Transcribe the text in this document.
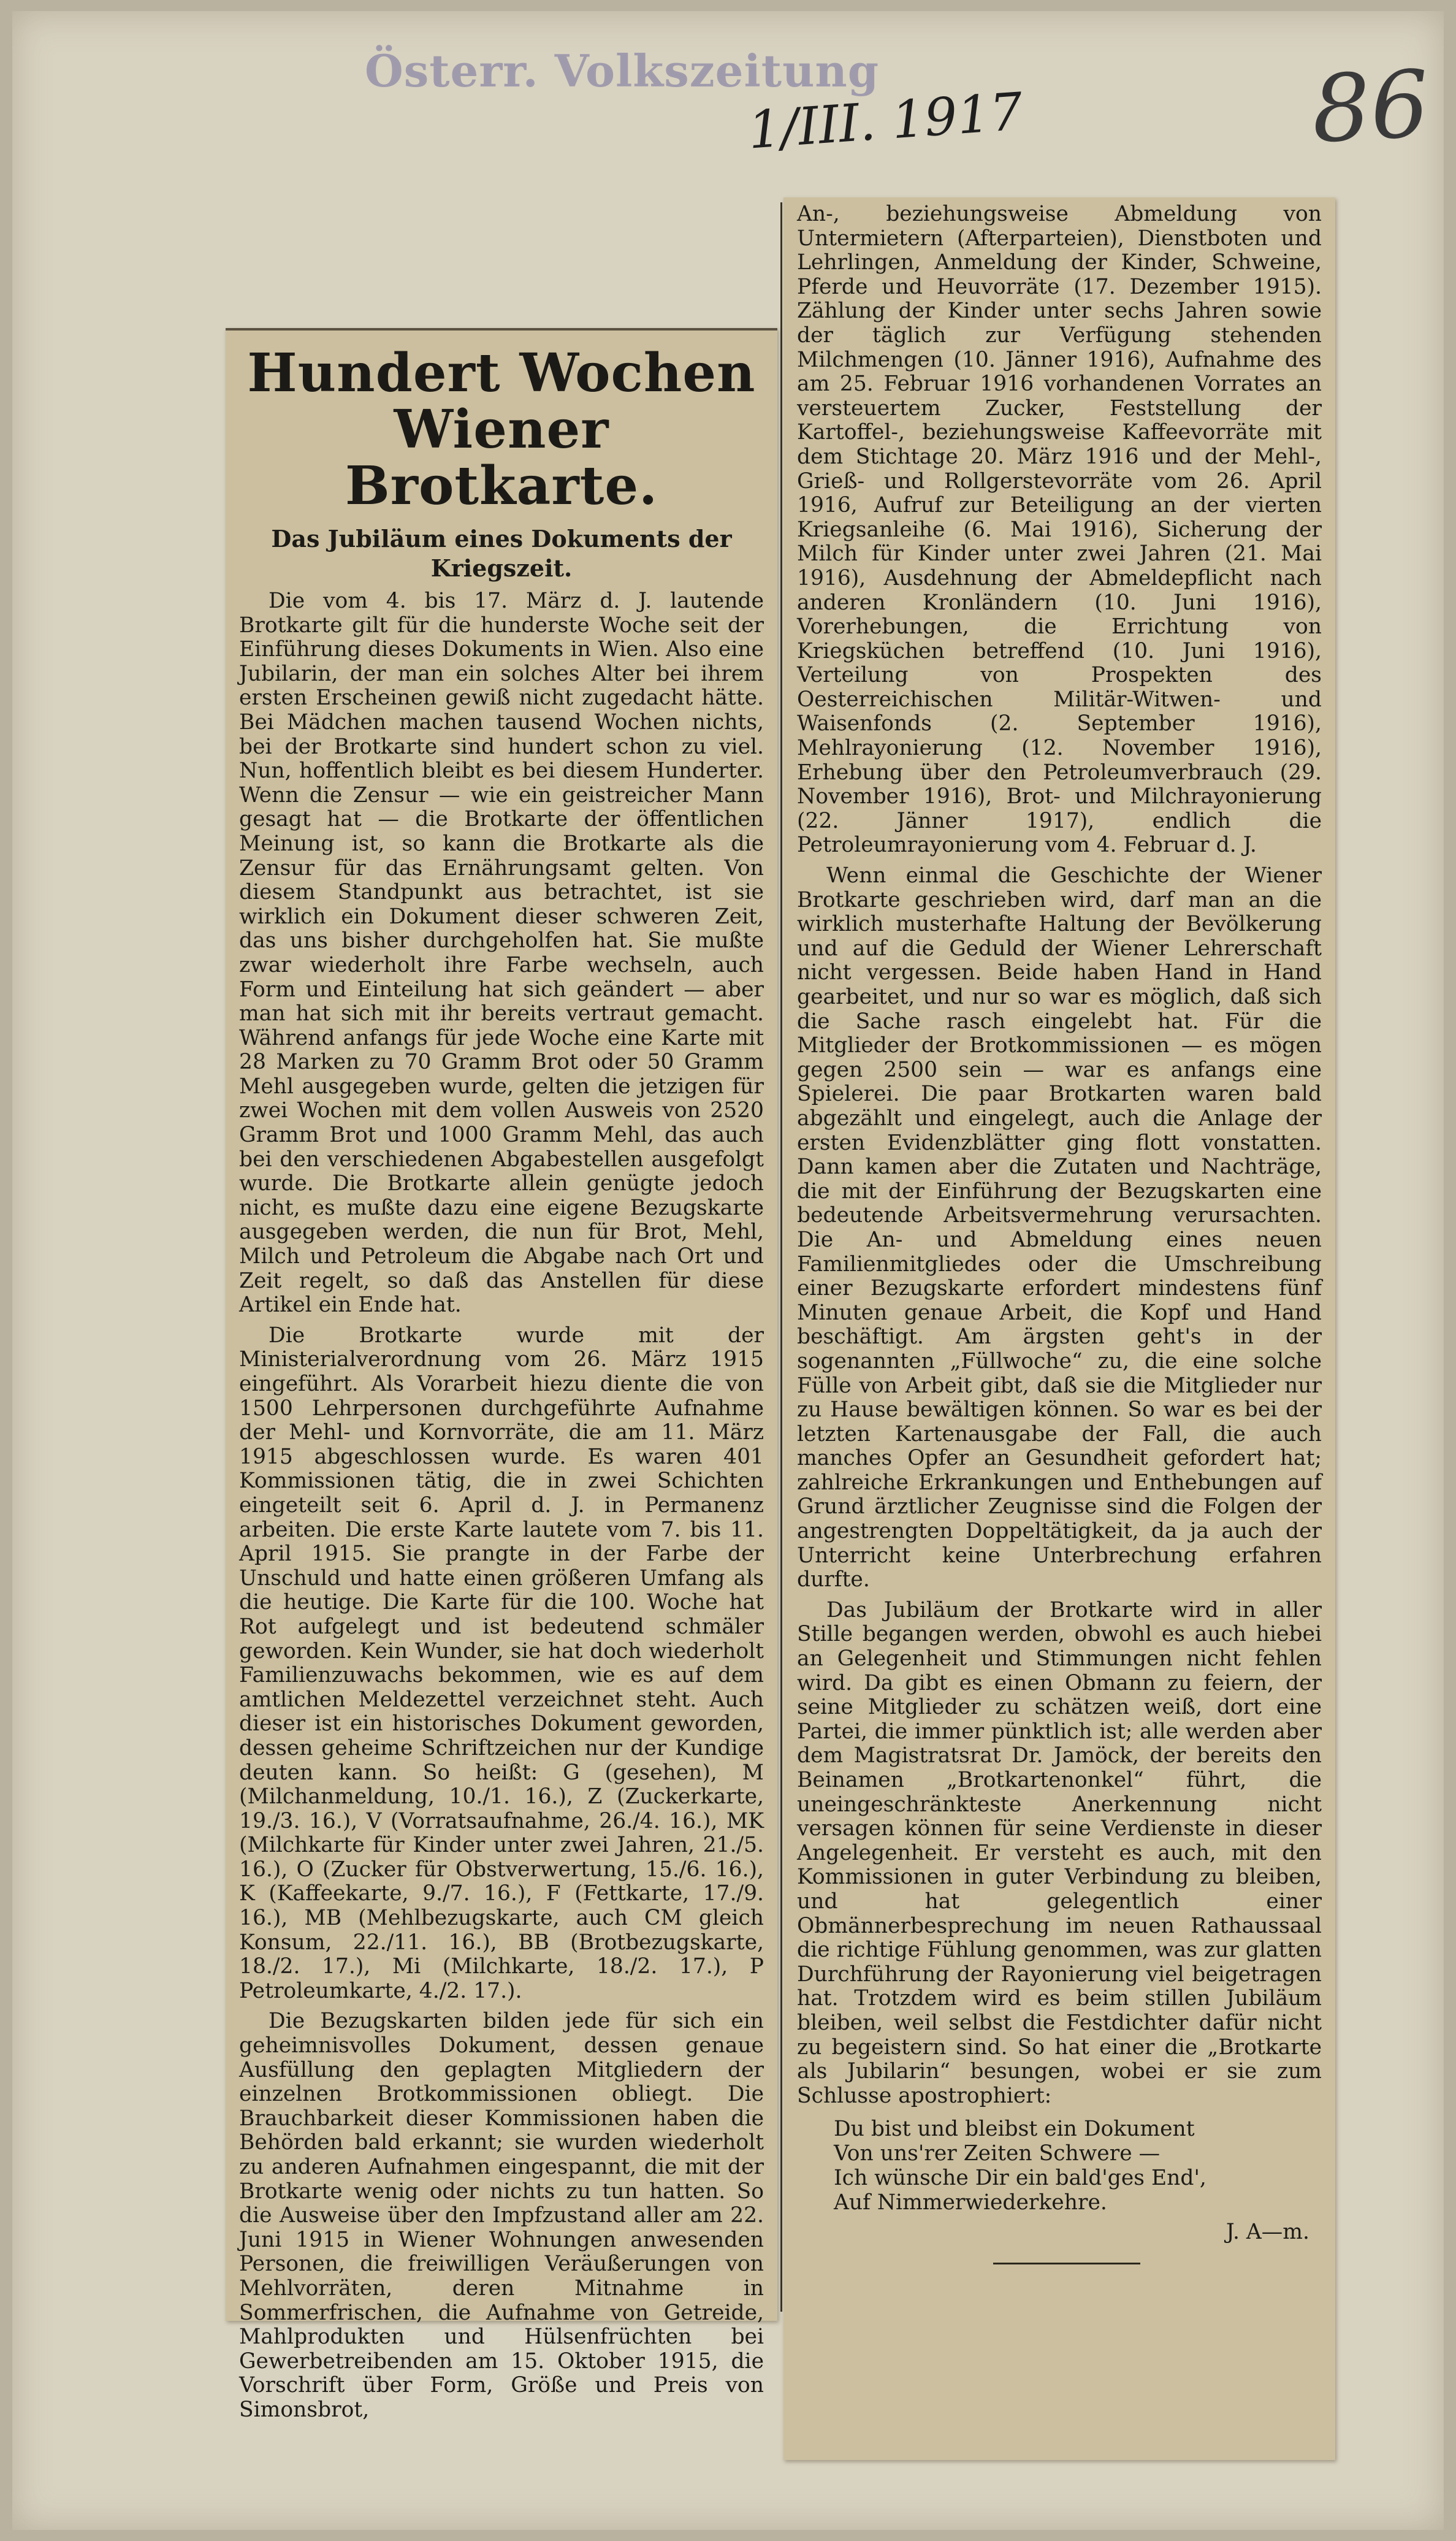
Österr. Volkszeitung
1/III. 1917	86
Hundert Wochen Wiener Brotkarte.
Das Jubiläum eines Dokuments der Kriegszeit.

Die vom 4. bis 17. März d. J. lautende Brotkarte gilt für die hunderste Woche seit der Einführung dieses Dokuments in Wien. Also eine Jubilarin, der man ein solches Alter bei ihrem ersten Erscheinen gewiß nicht zugedacht hätte. Bei Mädchen machen tausend Wochen nichts, bei der Brotkarte sind hundert schon zu viel. Nun, hoffentlich bleibt es bei diesem Hunderter. Wenn die Zensur — wie ein geistreicher Mann gesagt hat — die Brotkarte der öffentlichen Meinung ist, so kann die Brotkarte als die Zensur für das Ernährungsamt gelten. Von diesem Standpunkt aus betrachtet, ist sie wirklich ein Dokument dieser schweren Zeit, das uns bisher durchgeholfen hat. Sie mußte zwar wiederholt ihre Farbe wechseln, auch Form und Einteilung hat sich geändert — aber man hat sich mit ihr bereits vertraut gemacht. Während anfangs für jede Woche eine Karte mit 28 Marken zu 70 Gramm Brot oder 50 Gramm Mehl ausgegeben wurde, gelten die jetzigen für zwei Wochen mit dem vollen Ausweis von 2520 Gramm Brot und 1000 Gramm Mehl, das auch bei den verschiedenen Abgabestellen ausgefolgt wurde. Die Brotkarte allein genügte jedoch nicht, es mußte dazu eine eigene Bezugskarte ausgegeben werden, die nun für Brot, Mehl, Milch und Petroleum die Abgabe nach Ort und Zeit regelt, so daß das Anstellen für diese Artikel ein Ende hat.

Die Brotkarte wurde mit der Ministerialverordnung vom 26. März 1915 eingeführt. Als Vorarbeit hiezu diente die von 1500 Lehrpersonen durchgeführte Aufnahme der Mehl- und Kornvorräte, die am 11. März 1915 abgeschlossen wurde. Es waren 401 Kommissionen tätig, die in zwei Schichten eingeteilt seit 6. April d. J. in Permanenz arbeiten. Die erste Karte lautete vom 7. bis 11. April 1915. Sie prangte in der Farbe der Unschuld und hatte einen größeren Umfang als die heutige. Die Karte für die 100. Woche hat Rot aufgelegt und ist bedeutend schmäler geworden. Kein Wunder, sie hat doch wiederholt Familienzuwachs bekommen, wie es auf dem amtlichen Meldezettel verzeichnet steht. Auch dieser ist ein historisches Dokument geworden, dessen geheime Schriftzeichen nur der Kundige deuten kann. So heißt: G (gesehen), M (Milchanmeldung, 10./1. 16.), Z (Zuckerkarte, 19./3. 16.), V (Vorratsaufnahme, 26./4. 16.), MK (Milchkarte für Kinder unter zwei Jahren, 21./5. 16.), O (Zucker für Obstverwertung, 15./6. 16.), K (Kaffeekarte, 9./7. 16.), F (Fettkarte, 17./9. 16.), MB (Mehlbezugskarte, auch CM gleich Konsum, 22./11. 16.), BB (Brotbezugskarte, 18./2. 17.), Mi (Milchkarte, 18./2. 17.), P Petroleumkarte, 4./2. 17.).

Die Bezugskarten bilden jede für sich ein geheimnisvolles Dokument, dessen genaue Ausfüllung den geplagten Mitgliedern der einzelnen Brotkommissionen obliegt. Die Brauchbarkeit dieser Kommissionen haben die Behörden bald erkannt; sie wurden wiederholt zu anderen Aufnahmen eingespannt, die mit der Brotkarte wenig oder nichts zu tun hatten. So die Ausweise über den Impfzustand aller am 22. Juni 1915 in Wiener Wohnungen anwesenden Personen, die freiwilligen Veräußerungen von Mehlvorräten, deren Mitnahme in Sommerfrischen, die Aufnahme von Getreide, Mahlprodukten und Hülsenfrüchten bei Gewerbetreibenden am 15. Oktober 1915, die Vorschrift über Form, Größe und Preis von Simonsbrot,

An-, beziehungsweise Abmeldung von Untermietern (Afterparteien), Dienstboten und Lehrlingen, Anmeldung der Kinder, Schweine, Pferde und Heuvorräte (17. Dezember 1915). Zählung der Kinder unter sechs Jahren sowie der täglich zur Verfügung stehenden Milchmengen (10. Jänner 1916), Aufnahme des am 25. Februar 1916 vorhandenen Vorrates an versteuertem Zucker, Feststellung der Kartoffel-, beziehungsweise Kaffeevorräte mit dem Stichtage 20. März 1916 und der Mehl-, Grieß- und Rollgerstevorräte vom 26. April 1916, Aufruf zur Beteiligung an der vierten Kriegsanleihe (6. Mai 1916), Sicherung der Milch für Kinder unter zwei Jahren (21. Mai 1916), Ausdehnung der Abmeldepflicht nach anderen Kronländern (10. Juni 1916), Vorerhebungen, die Errichtung von Kriegsküchen betreffend (10. Juni 1916), Verteilung von Prospekten des Oesterreichischen Militär-Witwen- und Waisenfonds (2. September 1916), Mehlrayonierung (12. November 1916), Erhebung über den Petroleumverbrauch (29. November 1916), Brot- und Milchrayonierung (22. Jänner 1917), endlich die Petroleumrayonierung vom 4. Februar d. J.

Wenn einmal die Geschichte der Wiener Brotkarte geschrieben wird, darf man an die wirklich musterhafte Haltung der Bevölkerung und auf die Geduld der Wiener Lehrerschaft nicht vergessen. Beide haben Hand in Hand gearbeitet, und nur so war es möglich, daß sich die Sache rasch eingelebt hat. Für die Mitglieder der Brotkommissionen — es mögen gegen 2500 sein — war es anfangs eine Spielerei. Die paar Brotkarten waren bald abgezählt und eingelegt, auch die Anlage der ersten Evidenzblätter ging flott vonstatten. Dann kamen aber die Zutaten und Nachträge, die mit der Einführung der Bezugskarten eine bedeutende Arbeitsvermehrung verursachten. Die An- und Abmeldung eines neuen Familienmitgliedes oder die Umschreibung einer Bezugskarte erfordert mindestens fünf Minuten genaue Arbeit, die Kopf und Hand beschäftigt. Am ärgsten geht's in der sogenannten „Füllwoche“ zu, die eine solche Fülle von Arbeit gibt, daß sie die Mitglieder nur zu Hause bewältigen können. So war es bei der letzten Kartenausgabe der Fall, die auch manches Opfer an Gesundheit gefordert hat; zahlreiche Erkrankungen und Enthebungen auf Grund ärztlicher Zeugnisse sind die Folgen der angestrengten Doppeltätigkeit, da ja auch der Unterricht keine Unterbrechung erfahren durfte.

Das Jubiläum der Brotkarte wird in aller Stille begangen werden, obwohl es auch hiebei an Gelegenheit und Stimmungen nicht fehlen wird. Da gibt es einen Obmann zu feiern, der seine Mitglieder zu schätzen weiß, dort eine Partei, die immer pünktlich ist; alle werden aber dem Magistratsrat Dr. Jamöck, der bereits den Beinamen „Brotkartenonkel“ führt, die uneingeschränkteste Anerkennung nicht versagen können für seine Verdienste in dieser Angelegenheit. Er versteht es auch, mit den Kommissionen in guter Verbindung zu bleiben, und hat gelegentlich einer Obmännerbesprechung im neuen Rathaussaal die richtige Fühlung genommen, was zur glatten Durchführung der Rayonierung viel beigetragen hat. Trotzdem wird es beim stillen Jubiläum bleiben, weil selbst die Festdichter dafür nicht zu begeistern sind. So hat einer die „Brotkarte als Jubilarin“ besungen, wobei er sie zum Schlusse apostrophiert:

Du bist und bleibst ein Dokument
Von uns'rer Zeiten Schwere —
Ich wünsche Dir ein bald'ges End',
Auf Nimmerwiederkehre.
J. A—m.
